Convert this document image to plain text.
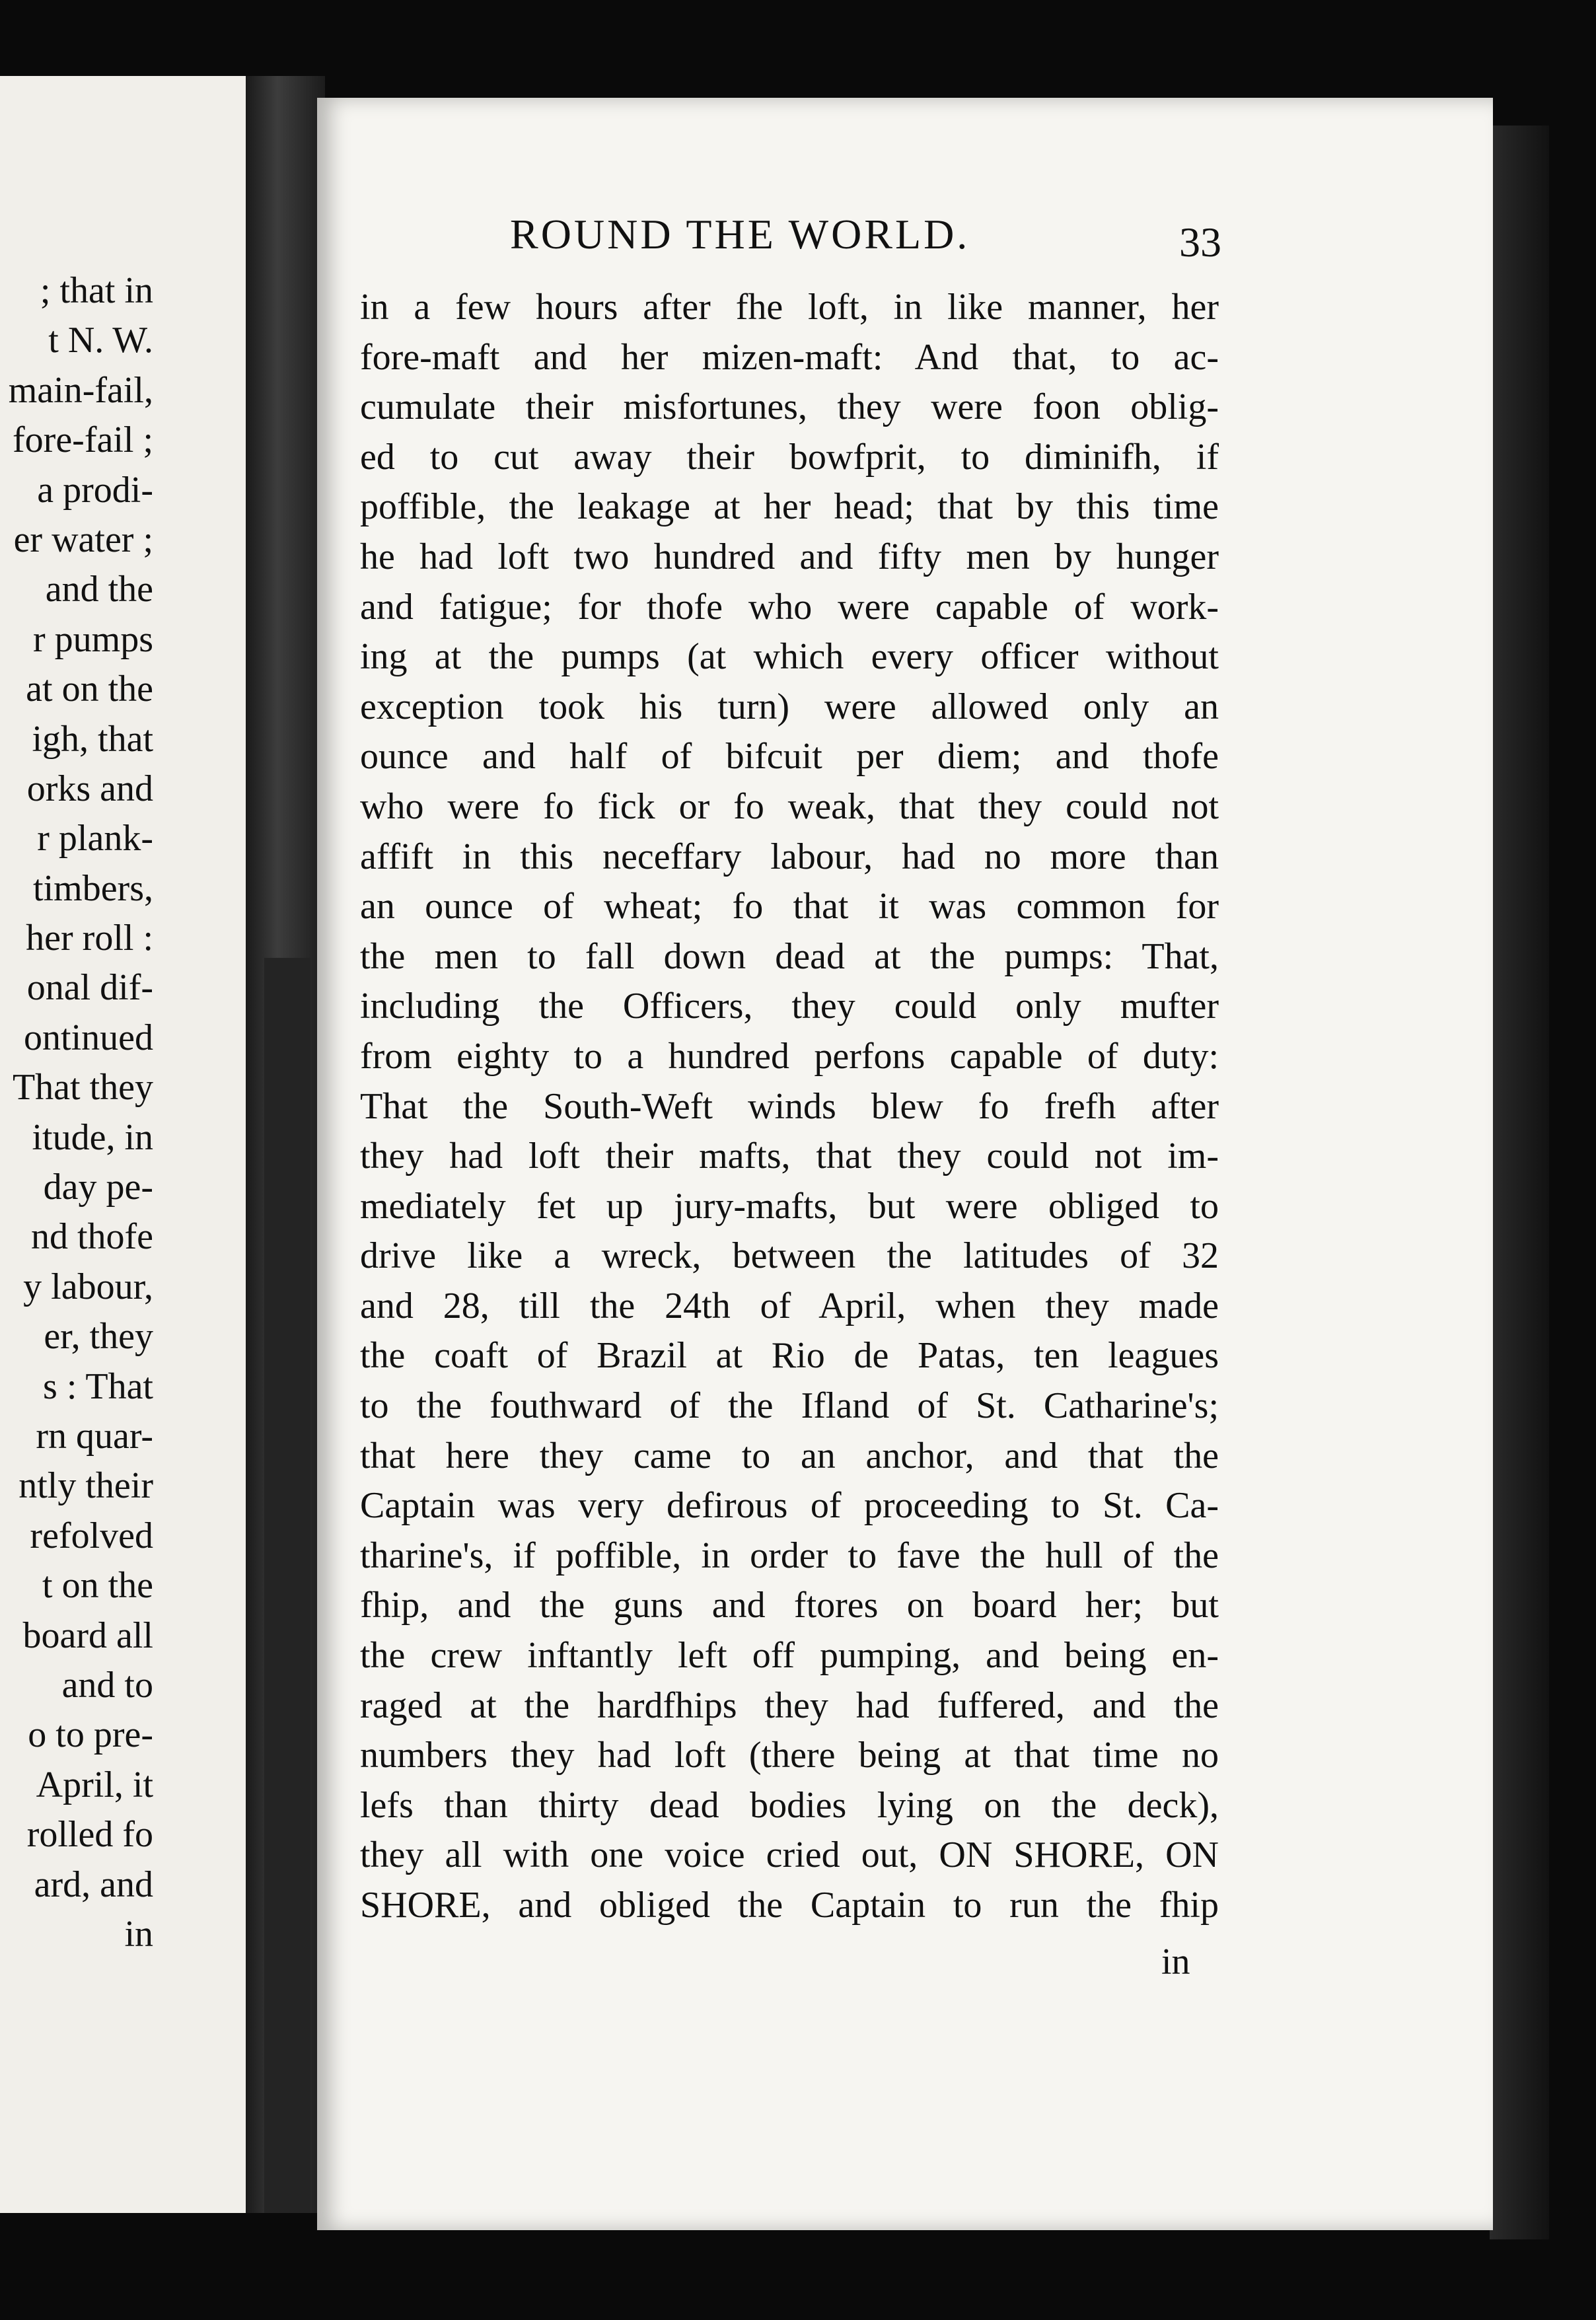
; that in
t N. W.
main-fail,
fore-fail ;
a prodi-
er water ;
and the
r pumps
at on the
igh, that
orks and
r plank-
timbers,
her roll :
onal dif-
ontinued
That they
itude, in
day pe-
nd thofe
y labour,
er, they
s : That
rn quar-
ntly their
refolved
t on the
board all
and to
o to pre-
April, it
rolled fo
ard, and
in
ROUND THE WORLD.	33
in a few hours after fhe loft, in like manner, her
fore-maft and her mizen-maft: And that, to ac-
cumulate their misfortunes, they were foon oblig-
ed to cut away their bowfprit, to diminifh, if
poffible, the leakage at her head; that by this time
he had loft two hundred and fifty men by hunger
and fatigue; for thofe who were capable of work-
ing at the pumps (at which every officer without
exception took his turn) were allowed only an
ounce and half of bifcuit per diem; and thofe
who were fo fick or fo weak, that they could not
affift in this neceffary labour, had no more than
an ounce of wheat; fo that it was common for
the men to fall down dead at the pumps: That,
including the Officers, they could only mufter
from eighty to a hundred perfons capable of duty:
That the South-Weft winds blew fo frefh after
they had loft their mafts, that they could not im-
mediately fet up jury-mafts, but were obliged to
drive like a wreck, between the latitudes of 32
and 28, till the 24th of April, when they made
the coaft of Brazil at Rio de Patas, ten leagues
to the fouthward of the Ifland of St. Catharine's;
that here they came to an anchor, and that the
Captain was very defirous of proceeding to St. Ca-
tharine's, if poffible, in order to fave the hull of the
fhip, and the guns and ftores on board her; but
the crew inftantly left off pumping, and being en-
raged at the hardfhips they had fuffered, and the
numbers they had loft (there being at that time no
lefs than thirty dead bodies lying on the deck),
they all with one voice cried out, ON SHORE, ON
SHORE, and obliged the Captain to run the fhip
in
